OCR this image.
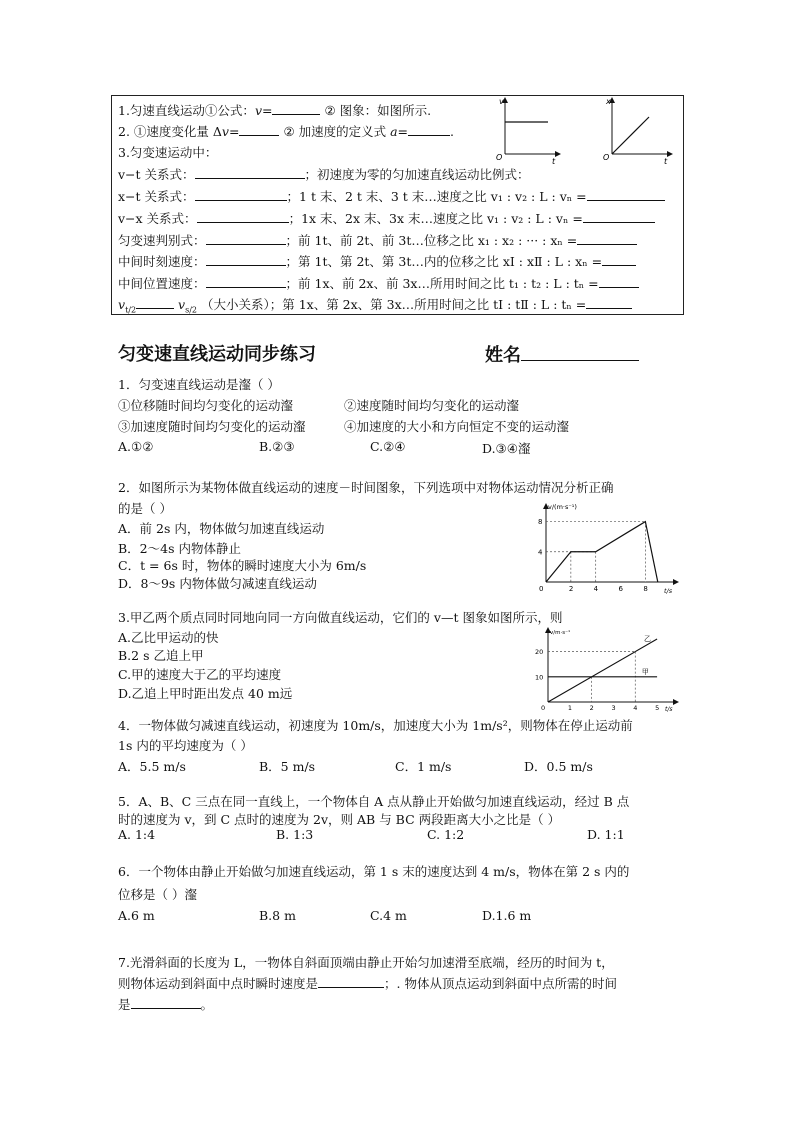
1.匀速直线运动①公式：v=	② 图象：如图所示.
2. ①速度变化量 Δv=	② 加速度的定义式 a=	.
3.匀变速运动中：
v−t 关系式：	；初速度为零的匀加速直线运动比例式：
x−t 关系式：	；1 t 末、2 t 末、3 t 末…速度之比 v₁ : v₂ : L : vₙ =
v−x 关系式：	；1x 末、2x 末、3x 末…速度之比 v₁ : v₂ : L : vₙ =
匀变速判别式：	；前 1t、前 2t、前 3t…位移之比 x₁ : x₂ : ··· : xₙ =
中间时刻速度：	；第 1t、第 2t、第 3t…内的位移之比 xⅠ : xⅡ : L : xₙ =
中间位置速度：	；前 1x、前 2x、前 3x…所用时间之比 t₁ : t₂ : L : tₙ =
$v_{t/2}$	$v_{s/2}$ （大小关系）；第 1x、第 2x、第 3x…所用时间之比 tⅠ : tⅡ : L : tₙ =
v
t
O
x
t
O
匀变速直线运动同步练习	姓名
1．匀变速直线运动是瀣（ ）
①位移随时间均匀变化的运动瀣	②速度随时间均匀变化的运动瀣
③加速度随时间均匀变化的运动瀣	④加速度的大小和方向恒定不变的运动瀣
A.①②	B.②③	C.②④	D.③④瀣
2．如图所示为某物体做直线运动的速度－时间图象，下列选项中对物体运动情况分析正确
的是（ ）
A．前 2s 内，物体做匀加速直线运动
B．2～4s 内物体静止
C．t = 6s 时，物体的瞬时速度大小为 6m/s
D．8～9s 内物体做匀减速直线运动
v/(m·s⁻¹)
t/s
0
4
8
2	4	6	8
3.甲乙两个质点同时同地向同一方向做直线运动，它们的 v—t 图象如图所示，则
A.乙比甲运动的快
B.2 s 乙追上甲
C.甲的速度大于乙的平均速度
D.乙追上甲时距出发点 40 m远
v/m·s⁻¹
t/s
0
10
20
1	2	3	4	5
甲
乙
4．一物体做匀减速直线运动，初速度为 10m/s，加速度大小为 1m/s²，则物体在停止运动前
1s 内的平均速度为（ ）
A．5.5 m/s	B．5 m/s	C．1 m/s	D．0.5 m/s
5．A、B、C 三点在同一直线上，一个物体自 A 点从静止开始做匀加速直线运动，经过 B 点
时的速度为 v，到 C 点时的速度为 2v，则 AB 与 BC 两段距离大小之比是（ ）
A. 1:4	B. 1:3	C. 1:2	D. 1:1
6．一个物体由静止开始做匀加速直线运动，第 1 s 末的速度达到 4 m/s，物体在第 2 s 内的
位移是（ ）瀣
A.6 m	B.8 m	C.4 m	D.1.6 m
7.光滑斜面的长度为 L，一物体自斜面顶端由静止开始匀加速滑至底端，经历的时间为 t，
则物体运动到斜面中点时瞬时速度是	；. 物体从顶点运动到斜面中点所需的时间
是	。
